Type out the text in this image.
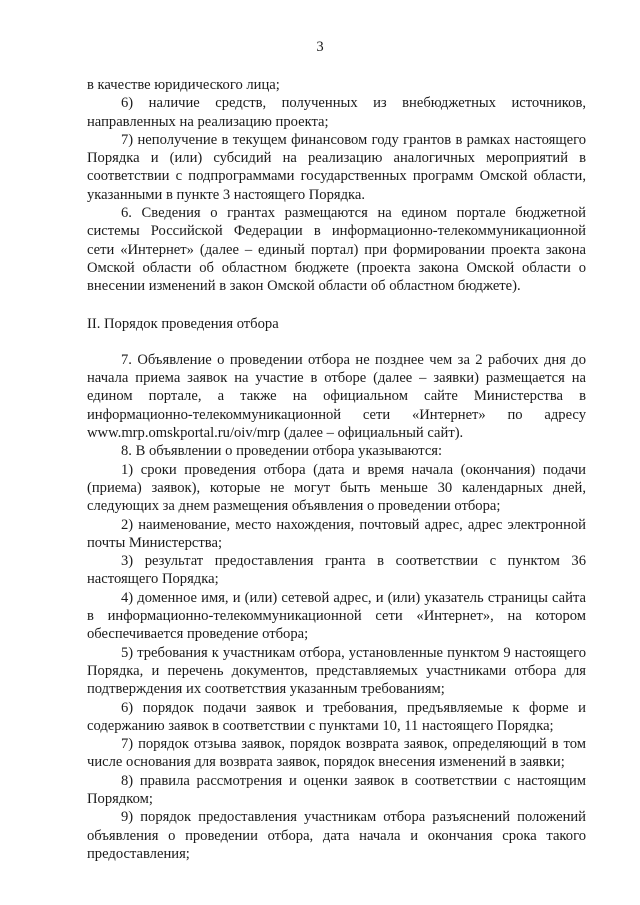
3

в качестве юридического лица;

6) наличие средств, полученных из внебюджетных источников, направленных на реализацию проекта;

7) неполучение в текущем финансовом году грантов в рамках настоящего Порядка и (или) субсидий на реализацию аналогичных мероприятий в соответствии с подпрограммами государственных программ Омской области, указанными в пункте 3 настоящего Порядка.

6. Сведения о грантах размещаются на едином портале бюджетной системы Российской Федерации в информационно-телекоммуникационной сети «Интернет» (далее – единый портал) при формировании проекта закона Омской области об областном бюджете (проекта закона Омской области о внесении изменений в закон Омской области об областном бюджете).

II. Порядок проведения отбора

7. Объявление о проведении отбора не позднее чем за 2 рабочих дня до начала приема заявок на участие в отборе (далее – заявки) размещается на едином портале, а также на официальном сайте Министерства в информационно-телекоммуникационной сети «Интернет» по адресу www.mrp.omskportal.ru/oiv/mrp (далее – официальный сайт).

8. В объявлении о проведении отбора указываются:

1) сроки проведения отбора (дата и время начала (окончания) подачи (приема) заявок), которые не могут быть меньше 30 календарных дней, следующих за днем размещения объявления о проведении отбора;

2) наименование, место нахождения, почтовый адрес, адрес электронной почты Министерства;

3) результат предоставления гранта в соответствии с пунктом 36 настоящего Порядка;

4) доменное имя, и (или) сетевой адрес, и (или) указатель страницы сайта в информационно-телекоммуникационной сети «Интернет», на котором обеспечивается проведение отбора;

5) требования к участникам отбора, установленные пунктом 9 настоящего Порядка, и перечень документов, представляемых участниками отбора для подтверждения их соответствия указанным требованиям;

6) порядок подачи заявок и требования, предъявляемые к форме и содержанию заявок в соответствии с пунктами 10, 11 настоящего Порядка;

7) порядок отзыва заявок, порядок возврата заявок, определяющий в том числе основания для возврата заявок, порядок внесения изменений в заявки;

8) правила рассмотрения и оценки заявок в соответствии с настоящим Порядком;

9) порядок предоставления участникам отбора разъяснений положений объявления о проведении отбора, дата начала и окончания срока такого предоставления;
